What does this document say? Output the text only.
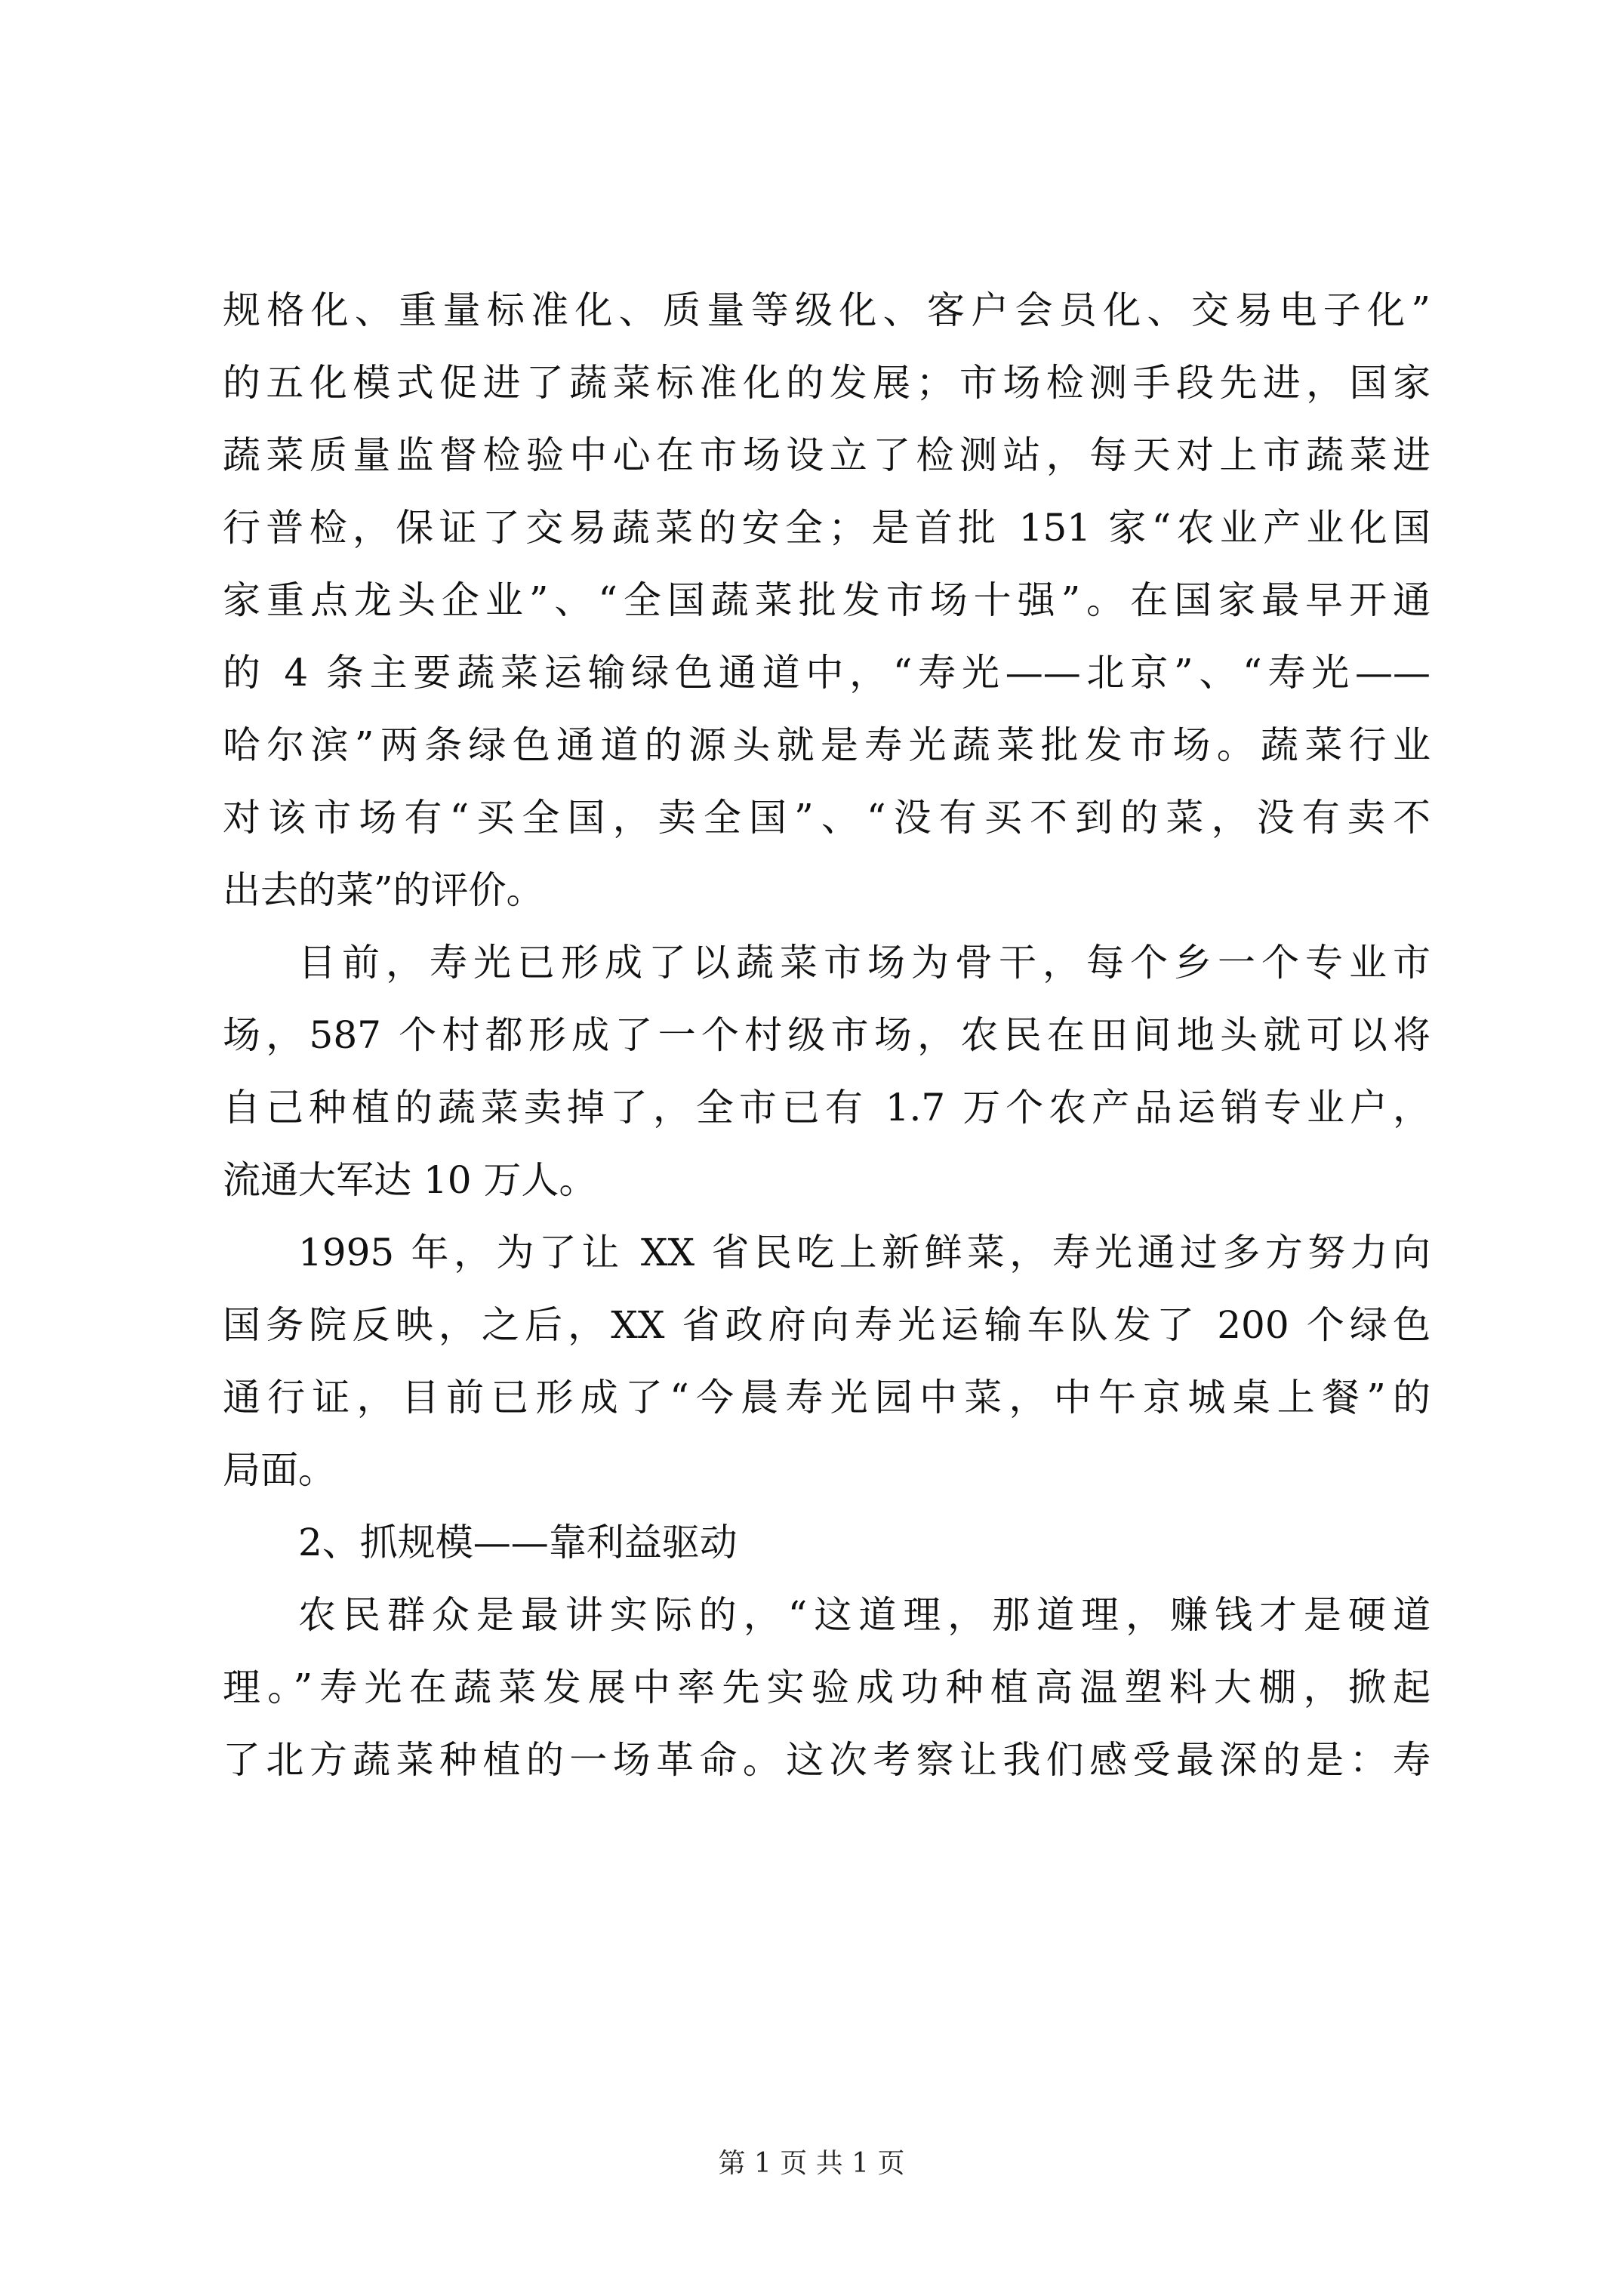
规格化、重量标准化、质量等级化、客户会员化、交易电子化”
的五化模式促进了蔬菜标准化的发展；市场检测手段先进，国家
蔬菜质量监督检验中心在市场设立了检测站，每天对上市蔬菜进
行普检，保证了交易蔬菜的安全；是首批 151 家“农业产业化国
家重点龙头企业”、“全国蔬菜批发市场十强”。在国家最早开通
的 4 条主要蔬菜运输绿色通道中，“寿光——北京”、“寿光——
哈尔滨”两条绿色通道的源头就是寿光蔬菜批发市场。蔬菜行业
对该市场有“买全国，卖全国”、“没有买不到的菜，没有卖不
出去的菜”的评价。
目前，寿光已形成了以蔬菜市场为骨干，每个乡一个专业市
场，587 个村都形成了一个村级市场，农民在田间地头就可以将
自己种植的蔬菜卖掉了，全市已有 1.7 万个农产品运销专业户，
流通大军达 10 万人。
1995 年，为了让 XX 省民吃上新鲜菜，寿光通过多方努力向
国务院反映，之后，XX 省政府向寿光运输车队发了 200 个绿色
通行证，目前已形成了“今晨寿光园中菜，中午京城桌上餐”的
局面。
2、抓规模——靠利益驱动
农民群众是最讲实际的，“这道理，那道理，赚钱才是硬道
理。”寿光在蔬菜发展中率先实验成功种植高温塑料大棚，掀起
了北方蔬菜种植的一场革命。这次考察让我们感受最深的是：寿
第 1 页 共 1 页
